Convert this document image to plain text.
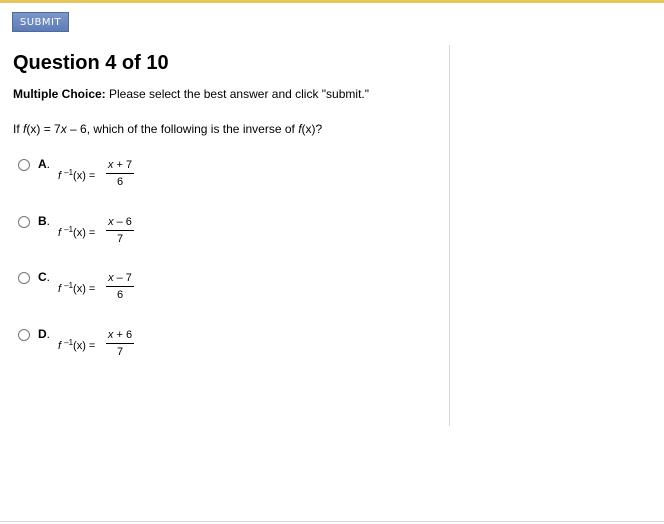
SUBMIT
Question 4 of 10
Multiple Choice: Please select the best answer and click "submit."
If f(x) = 7x – 6, which of the following is the inverse of f(x)?
A.
f $^{-1}(x) = \frac{x + 7}{6}$
B.
f $^{-1}(x) = \frac{x - 6}{7}$
C.
f $^{-1}(x) = \frac{x - 7}{6}$
D.
f $^{-1}(x) = \frac{x + 6}{7}$
